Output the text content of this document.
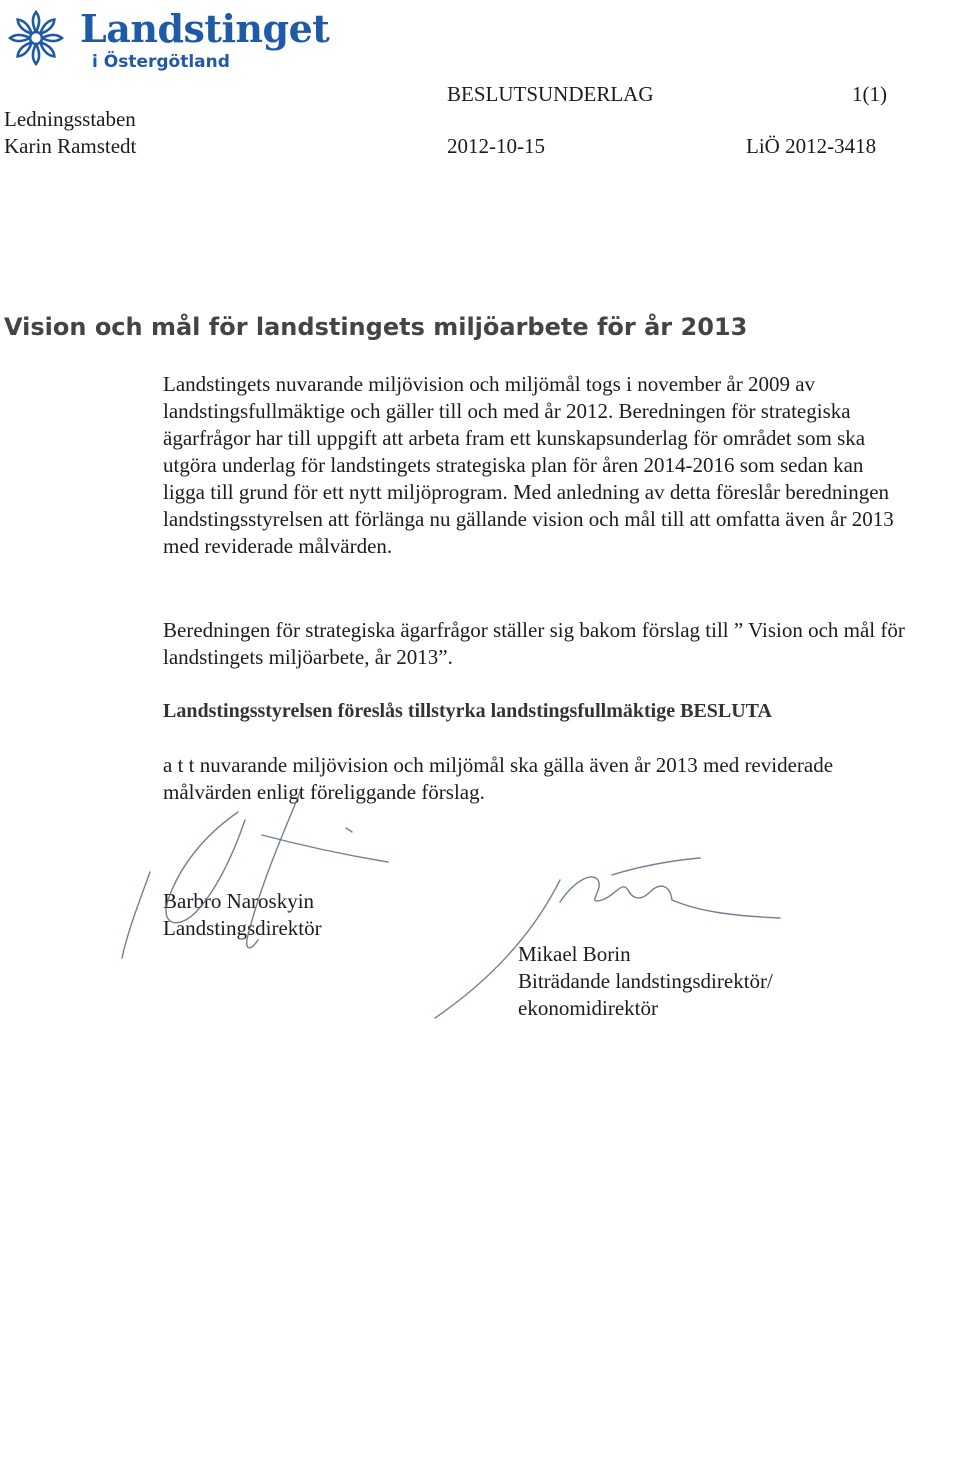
Landstinget
i Östergötland
BESLUTSUNDERLAG	1(1)
Ledningsstaben
Karin Ramstedt	2012-10-15	LiÖ 2012-3418
Vision och mål för landstingets miljöarbete för år 2013

Landstingets nuvarande miljövision och miljömål togs i november år 2009 av landstingsfullmäktige och gäller till och med år 2012. Beredningen för strategiska ägarfrågor har till uppgift att arbeta fram ett kunskapsunderlag för området som ska utgöra underlag för landstingets strategiska plan för åren 2014-2016 som sedan kan ligga till grund för ett nytt miljöprogram. Med anledning av detta föreslår beredningen landstingsstyrelsen att förlänga nu gällande vision och mål till att omfatta även år 2013 med reviderade målvärden.

Beredningen för strategiska ägarfrågor ställer sig bakom förslag till ” Vision och mål för landstingets miljöarbete, år 2013”.

Landstingsstyrelsen föreslås tillstyrka landstingsfullmäktige BESLUTA

a t t nuvarande miljövision och miljömål ska gälla även år 2013 med reviderade målvärden enligt föreliggande förslag.

Barbro Naroskyin
Landstingsdirektör
Mikael Borin
Biträdande landstingsdirektör/
ekonomidirektör
